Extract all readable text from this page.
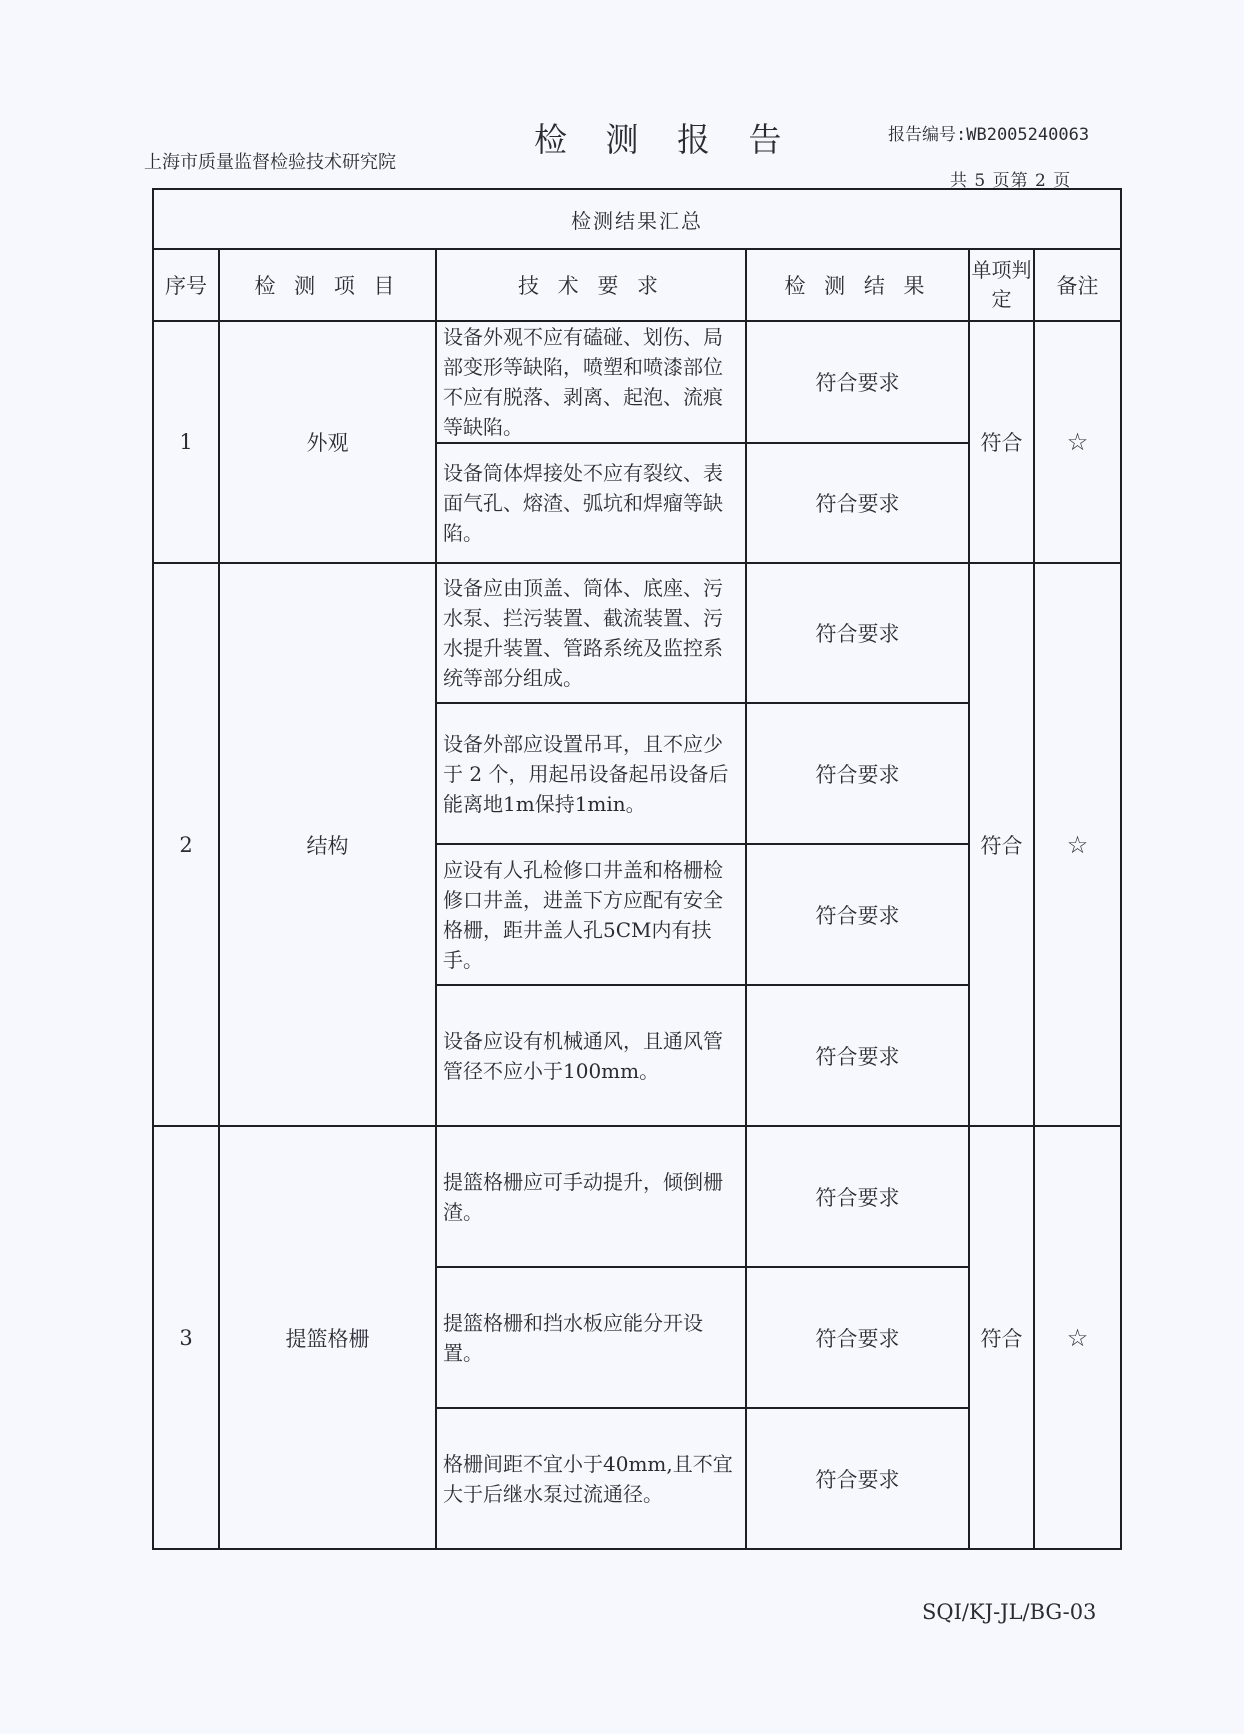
上海市质量监督检验技术研究院
检 测 报 告	报告编号:WB2005240063
共 5 页第 2 页
检测结果汇总					
序号	检 测 项 目	技 术 要 求	检 测 结 果	单项判定	备注
1	外观	设备外观不应有磕碰、划伤、局部变形等缺陷，喷塑和喷漆部位不应有脱落、剥离、起泡、流痕等缺陷。	符合要求	符合	☆
		设备筒体焊接处不应有裂纹、表面气孔、熔渣、弧坑和焊瘤等缺陷。	符合要求		
2	结构	设备应由顶盖、筒体、底座、污水泵、拦污装置、截流装置、污水提升装置、管路系统及监控系统等部分组成。	符合要求	符合	☆
		设备外部应设置吊耳，且不应少于 2 个，用起吊设备起吊设备后能离地1m保持1min。	符合要求		
		应设有人孔检修口井盖和格栅检修口井盖，进盖下方应配有安全格栅，距井盖人孔5CM内有扶手。	符合要求		
		设备应设有机械通风，且通风管管径不应小于100mm。	符合要求		
3	提篮格栅	提篮格栅应可手动提升，倾倒栅渣。	符合要求	符合	☆
		提篮格栅和挡水板应能分开设置。	符合要求		
		格栅间距不宜小于40mm,且不宜大于后继水泵过流通径。	符合要求		
SQI/KJ-JL/BG-03
